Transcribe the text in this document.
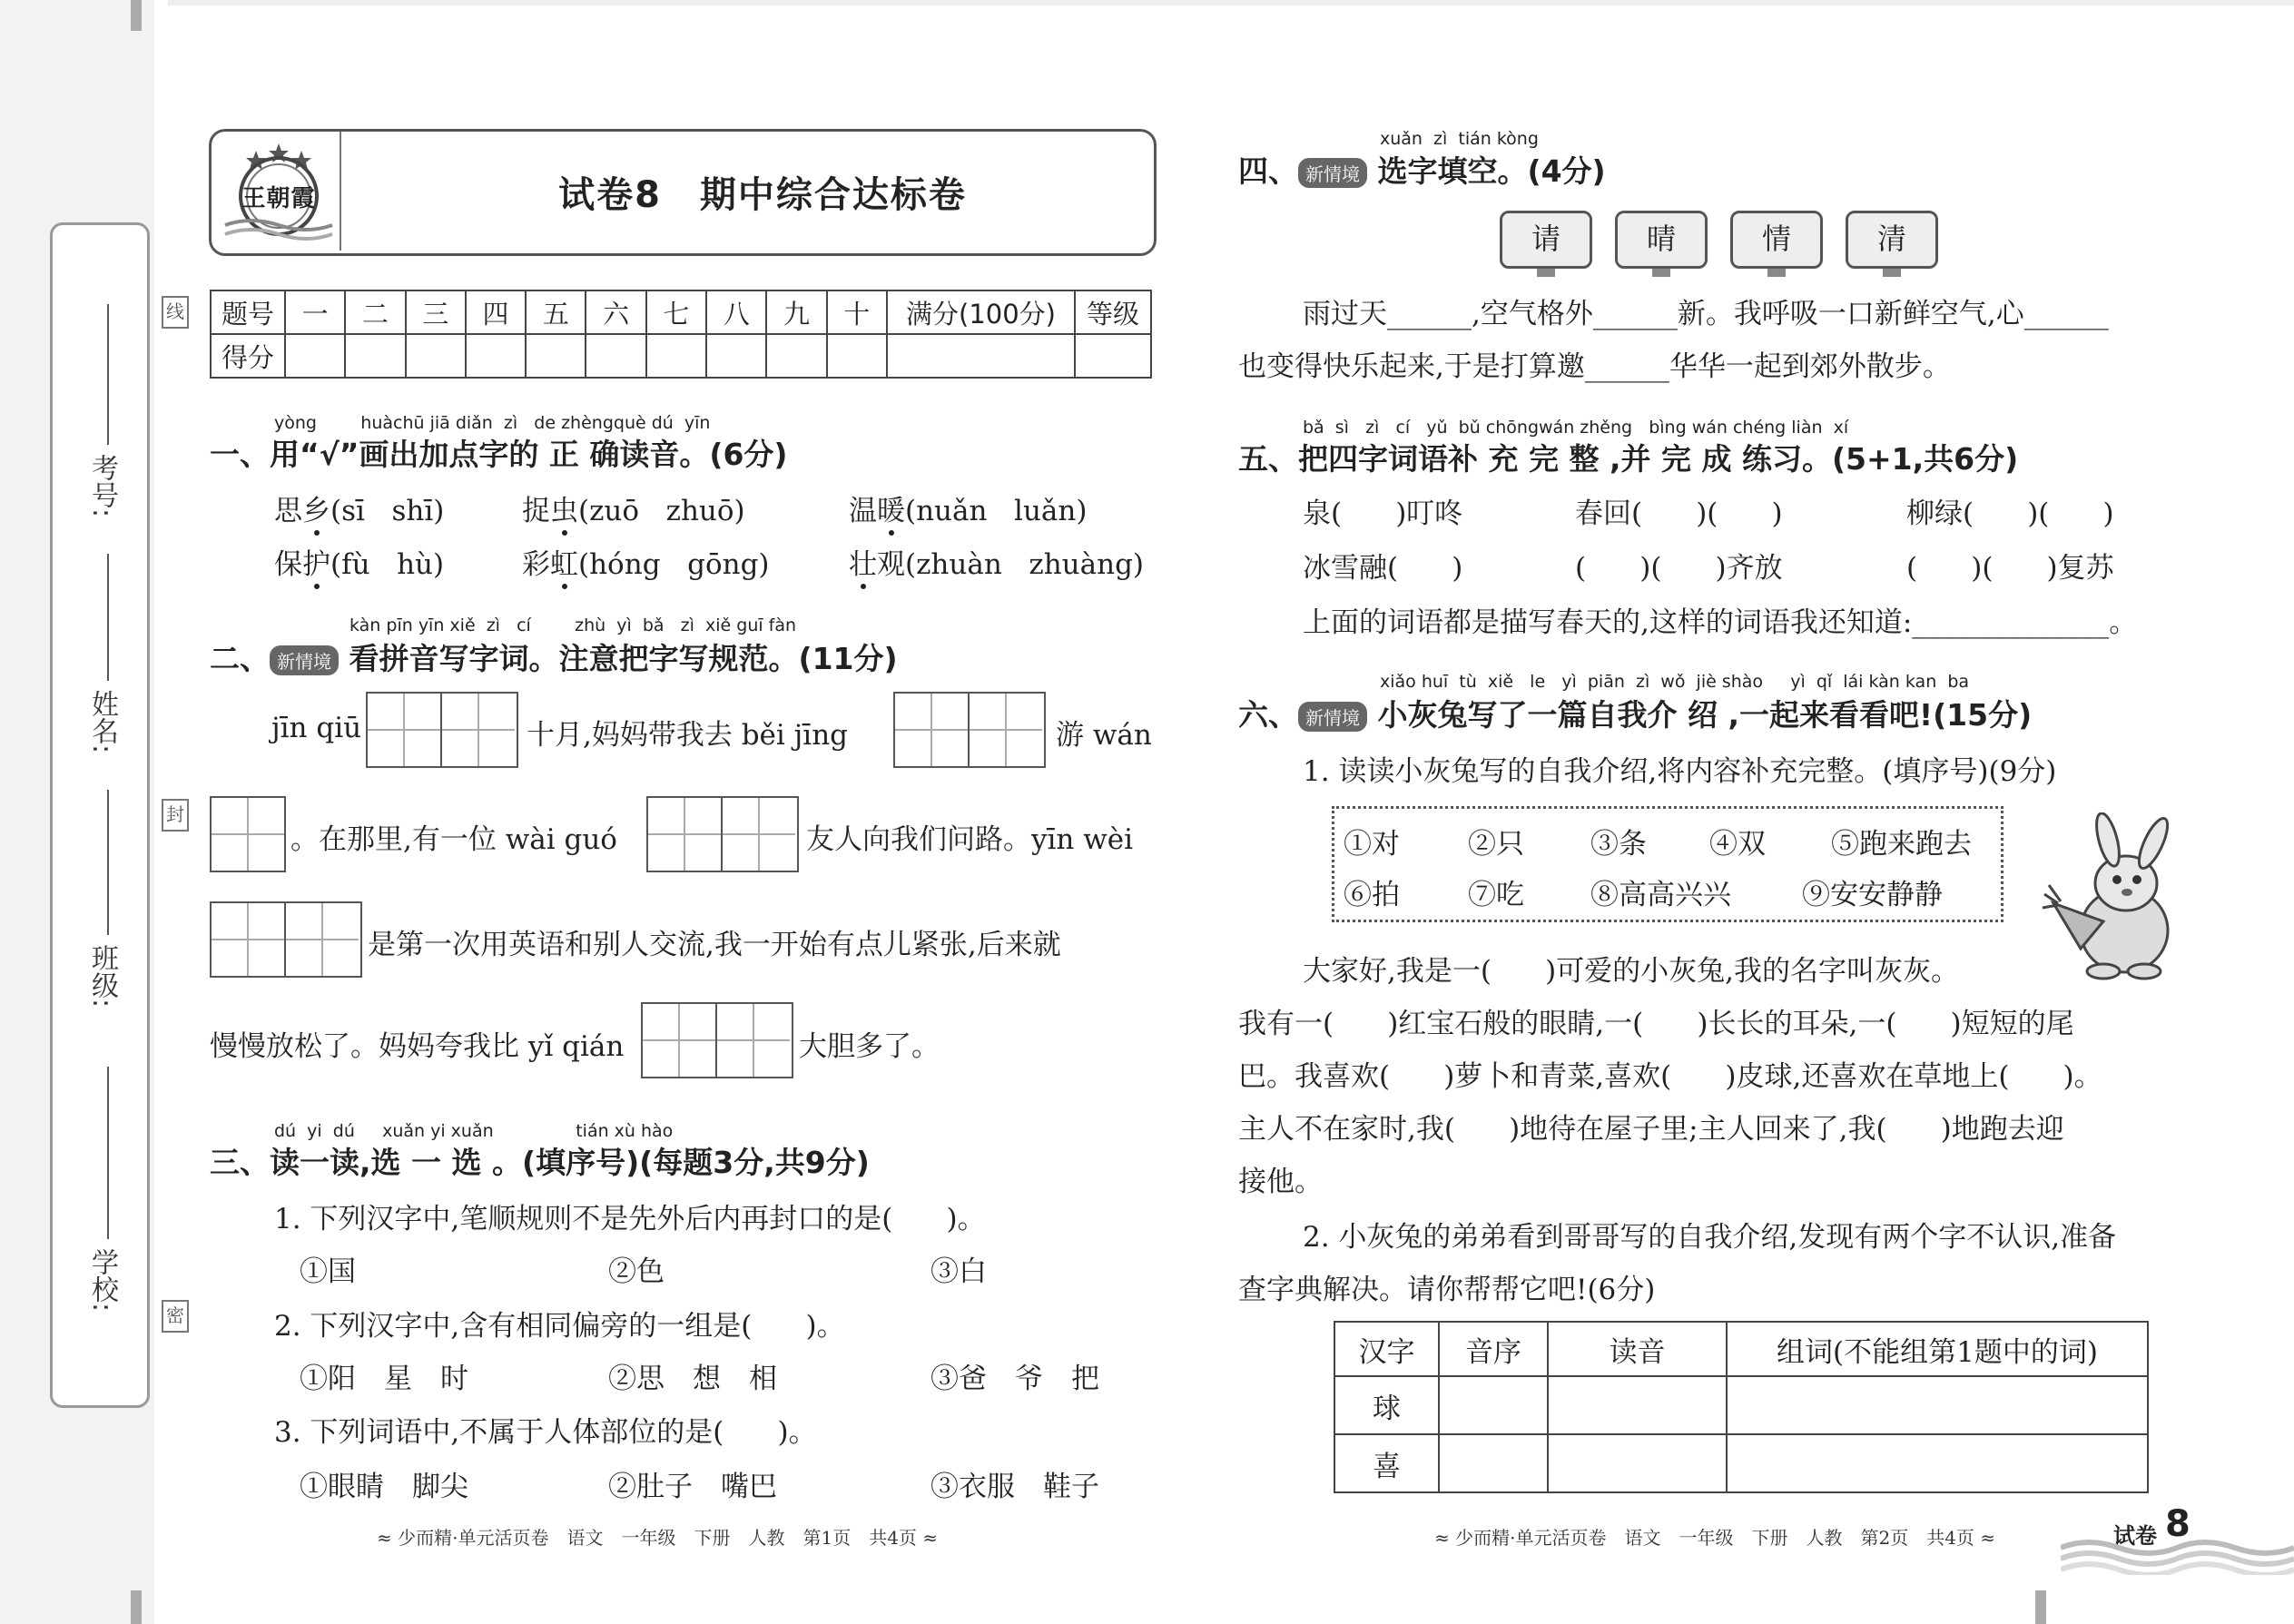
学校:
班级:
姓名:
考号:
线
封
密
王朝霞	试卷8　期中综合达标卷
题号	一	二	三	四	五	六	七	八	九	十	满分(100分)	等级
得分												
yòng        huàchū jiā diǎn  zì   de zhèngquè dú  yīn
一、用“√”画出加点字的 正 确读音。(6分)
思乡(sī   shī)	捉虫(zuō   zhuō)	温暖(nuǎn   luǎn)
保护(fù   hù)	彩虹(hóng   gōng)	壮观(zhuàn   zhuàng)
kàn pīn yīn xiě  zì   cí        zhù  yì  bǎ   zì  xiě guī fàn
二、 新情境 看拼音写字词。注意把字写规范。(11分)
jīn qiū	十月,妈妈带我去 běi jīng	游 wán
。在那里,有一位 wài guó	友人向我们问路。yīn wèi
是第一次用英语和别人交流,我一开始有点儿紧张,后来就
慢慢放松了。妈妈夸我比 yǐ qián	大胆多了。
dú  yi  dú     xuǎn yi xuǎn               tián xù hào
三、读一读,选 一 选 。(填序号)(每题3分,共9分)
1. 下列汉字中,笔顺规则不是先外后内再封口的是(      )。
①国	②色	③白
2. 下列汉字中,含有相同偏旁的一组是(      )。
①阳　星　时	②思　想　相	③爸　爷　把
3. 下列词语中,不属于人体部位的是(      )。
①眼睛　脚尖	②肚子　嘴巴	③衣服　鞋子
≈ 少而精·单元活页卷　语文　一年级　下册　人教　第1页　共4页 ≈
xuǎn  zì  tián kòng
四、 新情境 选字填空。(4分)
请	晴	情	清
雨过天______,空气格外______新。我呼吸一口新鲜空气,心______
也变得快乐起来,于是打算邀______华华一起到郊外散步。
bǎ  sì   zì   cí   yǔ  bǔ chōngwán zhěng   bìng wán chéng liàn  xí
五、把四字词语补 充 完 整 ,并 完 成 练习。(5+1,共6分)
泉(      )叮咚	春回(      )(      )	柳绿(      )(      )
冰雪融(      )	(      )(      )齐放	(      )(      )复苏
上面的词语都是描写春天的,这样的词语我还知道:______________。
xiǎo huī  tù  xiě   le   yì  piān  zì  wǒ  jiè shào     yì  qǐ  lái kàn kan  ba
六、 新情境 小灰兔写了一篇自我介 绍 ,一起来看看吧!(15分)
1. 读读小灰兔写的自我介绍,将内容补充完整。(填序号)(9分)
①对 ②只 ③条 ④双 ⑤跑来跑去
⑥拍 ⑦吃 ⑧高高兴兴	⑨安安静静
大家好,我是一(      )可爱的小灰兔,我的名字叫灰灰。
我有一(      )红宝石般的眼睛,一(      )长长的耳朵,一(      )短短的尾
巴。我喜欢(      )萝卜和青菜,喜欢(      )皮球,还喜欢在草地上(      )。
主人不在家时,我(      )地待在屋子里;主人回来了,我(      )地跑去迎
接他。
2. 小灰兔的弟弟看到哥哥写的自我介绍,发现有两个字不认识,准备
查字典解决。请你帮帮它吧!(6分)
汉字	音序	读音	组词(不能组第1题中的词)
球			
喜			
≈ 少而精·单元活页卷　语文　一年级　下册　人教　第2页　共4页 ≈	试卷 8
